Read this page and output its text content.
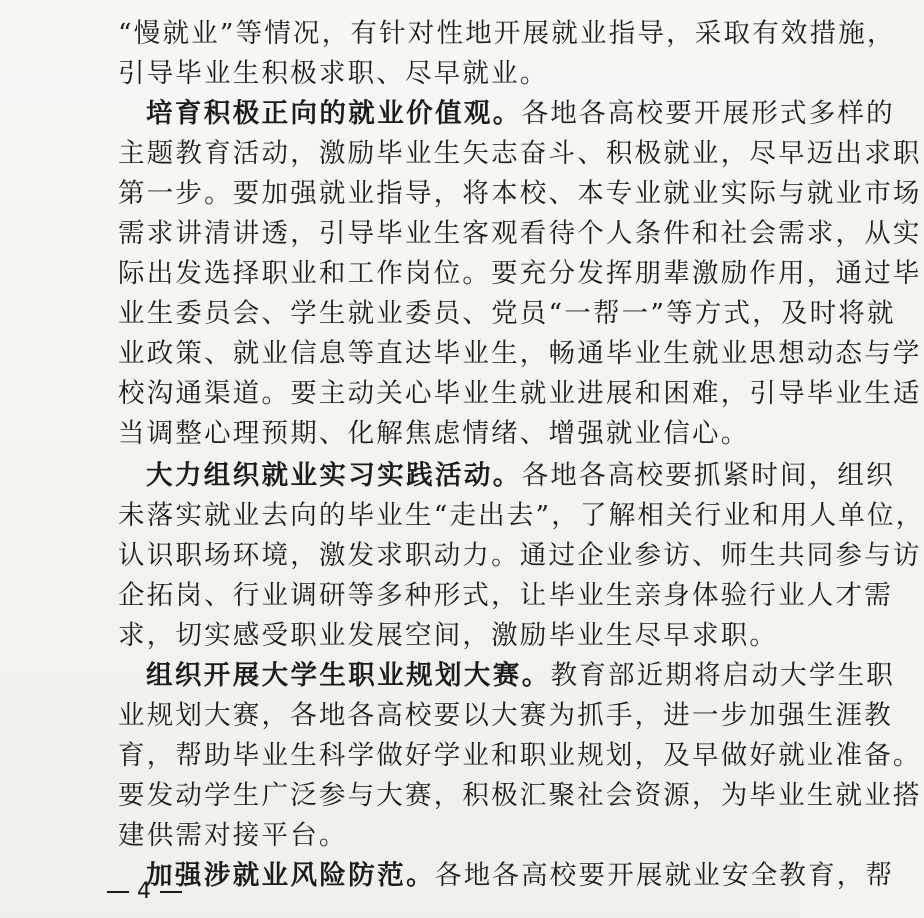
“慢就业”等情况，有针对性地开展就业指导，采取有效措施，
引导毕业生积极求职、尽早就业。
培育积极正向的就业价值观。各地各高校要开展形式多样的
主题教育活动，激励毕业生矢志奋斗、积极就业，尽早迈出求职
第一步。要加强就业指导，将本校、本专业就业实际与就业市场
需求讲清讲透，引导毕业生客观看待个人条件和社会需求，从实
际出发选择职业和工作岗位。要充分发挥朋辈激励作用，通过毕
业生委员会、学生就业委员、党员“一帮一”等方式，及时将就
业政策、就业信息等直达毕业生，畅通毕业生就业思想动态与学
校沟通渠道。要主动关心毕业生就业进展和困难，引导毕业生适
当调整心理预期、化解焦虑情绪、增强就业信心。
大力组织就业实习实践活动。各地各高校要抓紧时间，组织
未落实就业去向的毕业生“走出去”，了解相关行业和用人单位，
认识职场环境，激发求职动力。通过企业参访、师生共同参与访
企拓岗、行业调研等多种形式，让毕业生亲身体验行业人才需
求，切实感受职业发展空间，激励毕业生尽早求职。
组织开展大学生职业规划大赛。教育部近期将启动大学生职
业规划大赛，各地各高校要以大赛为抓手，进一步加强生涯教
育，帮助毕业生科学做好学业和职业规划，及早做好就业准备。
要发动学生广泛参与大赛，积极汇聚社会资源，为毕业生就业搭
建供需对接平台。
加强涉就业风险防范。各地各高校要开展就业安全教育，帮
4
